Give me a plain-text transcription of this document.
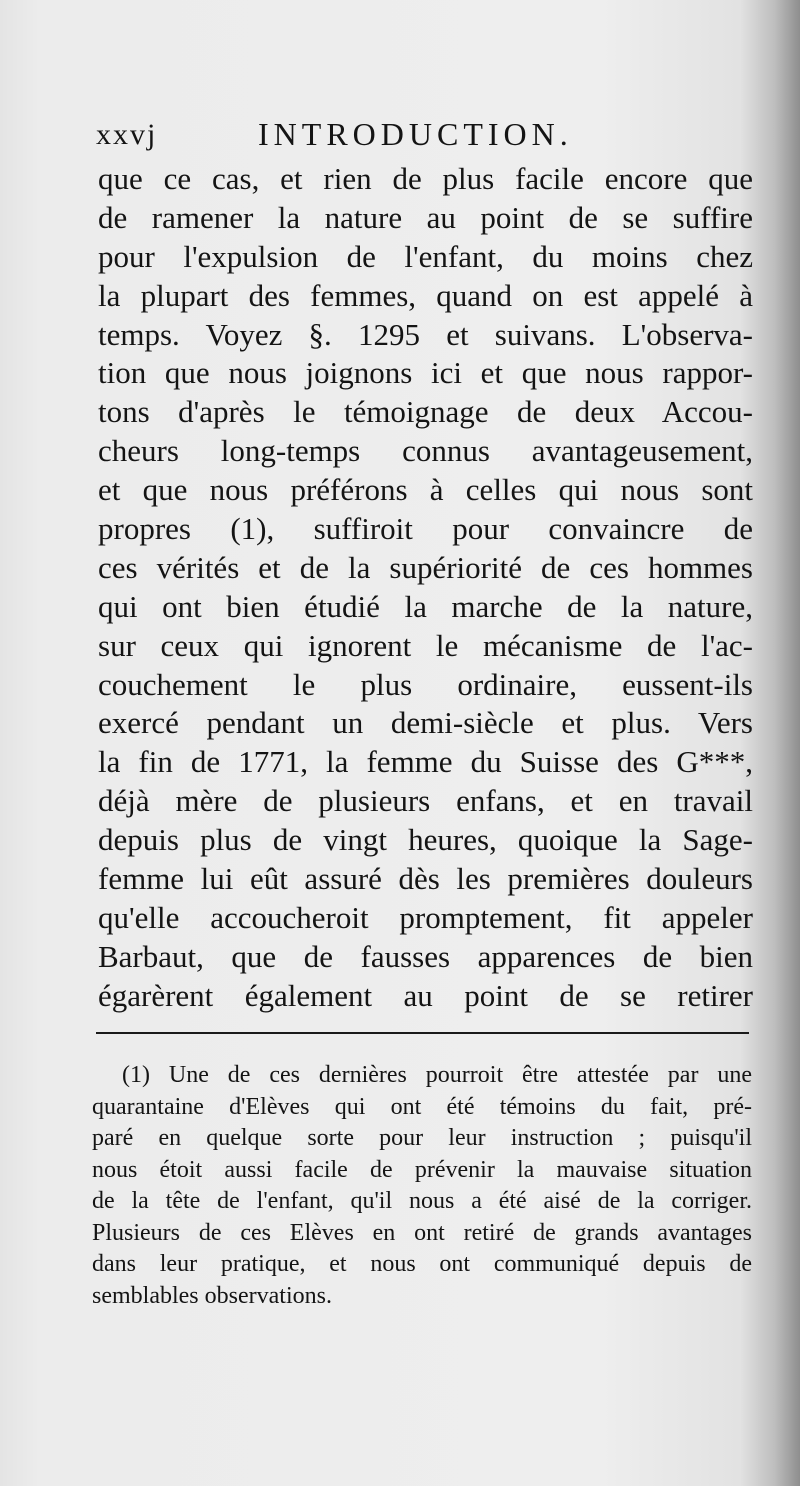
xxvj	INTRODUCTION.
que ce cas, et rien de plus facile encore que
de ramener la nature au point de se suffire
pour l'expulsion de l'enfant, du moins chez
la plupart des femmes, quand on est appelé à
temps. Voyez §. 1295 et suivans. L'observa-
tion que nous joignons ici et que nous rappor-
tons d'après le témoignage de deux Accou-
cheurs long-temps connus avantageusement,
et que nous préférons à celles qui nous sont
propres (1), suffiroit pour convaincre de
ces vérités et de la supériorité de ces hommes
qui ont bien étudié la marche de la nature,
sur ceux qui ignorent le mécanisme de l'ac-
couchement le plus ordinaire, eussent-ils
exercé pendant un demi-siècle et plus. Vers
la fin de 1771, la femme du Suisse des G***,
déjà mère de plusieurs enfans, et en travail
depuis plus de vingt heures, quoique la Sage-
femme lui eût assuré dès les premières douleurs
qu'elle accoucheroit promptement, fit appeler
Barbaut, que de fausses apparences de bien
égarèrent également au point de se retirer
(1) Une de ces dernières pourroit être attestée par une
quarantaine d'Elèves qui ont été témoins du fait, pré-
paré en quelque sorte pour leur instruction ; puisqu'il
nous étoit aussi facile de prévenir la mauvaise situation
de la tête de l'enfant, qu'il nous a été aisé de la corriger.
Plusieurs de ces Elèves en ont retiré de grands avantages
dans leur pratique, et nous ont communiqué depuis de
semblables observations.
